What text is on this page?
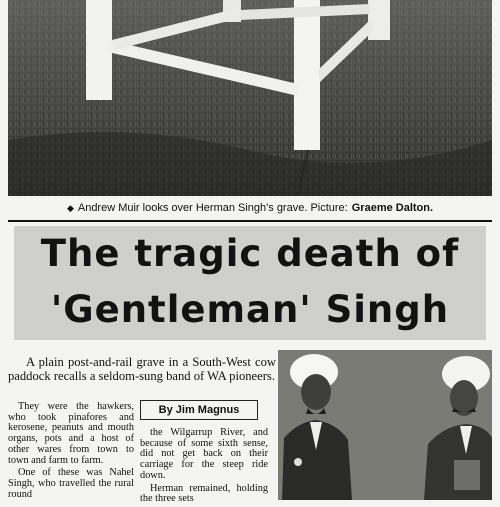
◆ Andrew Muir looks over Herman Singh's grave. Picture: Graeme Dalton.
The tragic death of
'Gentleman' Singh
A plain post-and-rail grave in a South-West cow paddock recalls a seldom-sung band of WA pioneers.
By Jim Magnus

They were the hawkers, who took pinafores and kerosene, peanuts and mouth organs, pots and a host of other wares from town to town and farm to farm.

One of these was Nahel Singh, who travelled the rural round

the Wilgarrup River, and because of some sixth sense, did not get back on their carriage for the steep ride down.

Herman remained, holding the three sets
